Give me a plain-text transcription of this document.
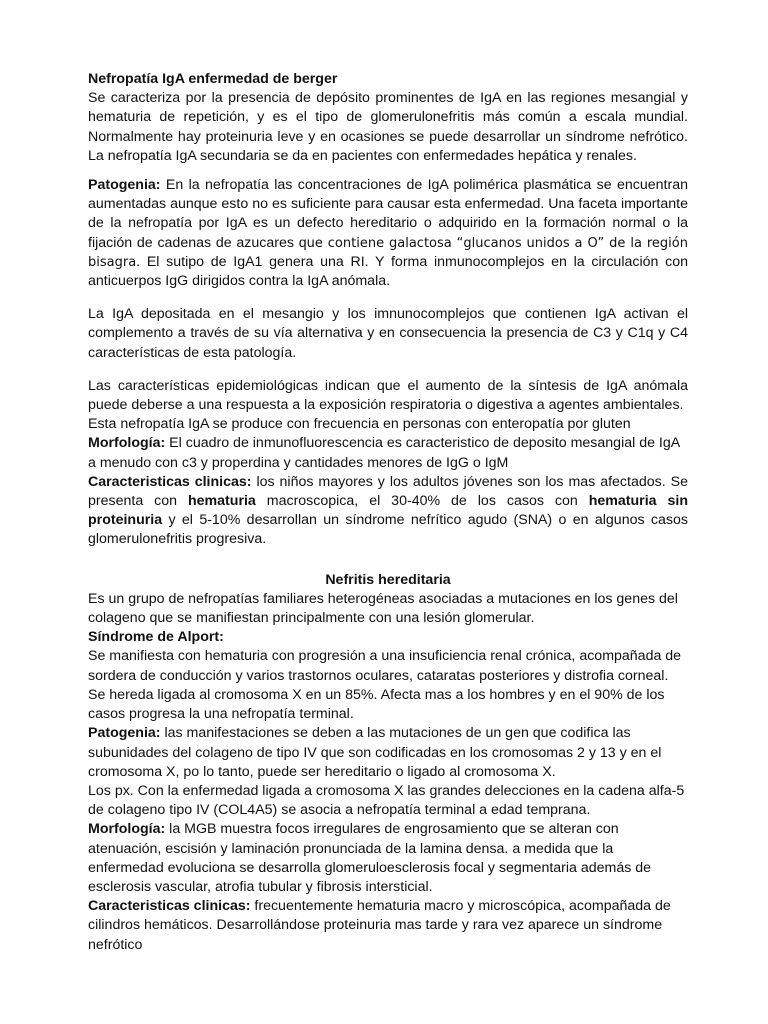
Nefropatía IgA enfermedad de berger

Se caracteriza por la presencia de depósito prominentes de IgA en las regiones mesangial y hematuria de repetición, y es el tipo de glomerulonefritis más común a escala mundial. Normalmente hay proteinuria leve y en ocasiones se puede desarrollar un síndrome nefrótico. La nefropatía IgA secundaria se da en pacientes con enfermedades hepática y renales.

Patogenia: En la nefropatía las concentraciones de IgA polimérica plasmática se encuentran aumentadas aunque esto no es suficiente para causar esta enfermedad. Una faceta importante de la nefropatía por IgA es un defecto hereditario o adquirido en la formación normal o la fijación de cadenas de azucares que contiene galactosa “glucanos unidos a O” de la región bisagra. El sutipo de IgA1 genera una RI. Y forma inmunocomplejos en la circulación con anticuerpos IgG dirigidos contra la IgA anómala.

La IgA depositada en el mesangio y los imnunocomplejos que contienen IgA activan el complemento a través de su vía alternativa y en consecuencia la presencia de C3 y C1q y C4 características de esta patología.

Las características epidemiológicas indican que el aumento de la síntesis de IgA anómala puede deberse a una respuesta a la exposición respiratoria o digestiva a agentes ambientales.

Esta nefropatía IgA se produce con frecuencia en personas con enteropatía por gluten

Morfología: El cuadro de inmunofluorescencia es caracteristico de deposito mesangial de IgA a menudo con c3 y properdina y cantidades menores de IgG o IgM

Caracteristicas clinicas: los niños mayores y los adultos jóvenes son los mas afectados. Se presenta con hematuria macroscopica, el 30-40% de los casos con hematuria sin proteinuria y el 5-10% desarrollan un síndrome nefrítico agudo (SNA) o en algunos casos glomerulonefritis progresiva.

Nefritis hereditaria

Es un grupo de nefropatías familiares heterogéneas asociadas a mutaciones en los genes del colageno que se manifiestan principalmente con una lesión glomerular.

Síndrome de Alport:

Se manifiesta con hematuria con progresión a una insuficiencia renal crónica, acompañada de sordera de conducción y varios trastornos oculares, cataratas posteriores y distrofia corneal. Se hereda ligada al cromosoma X en un 85%. Afecta mas a los hombres y en el 90% de los casos progresa la una nefropatía terminal.

Patogenia: las manifestaciones se deben a las mutaciones de un gen que codifica las subunidades del colageno de tipo IV que son codificadas en los cromosomas 2 y 13 y en el cromosoma X, po lo tanto, puede ser hereditario o ligado al cromosoma X.

Los px. Con la enfermedad ligada a cromosoma X las grandes delecciones en la cadena alfa-5 de colageno tipo IV (COL4A5) se asocia a nefropatía terminal a edad temprana.

Morfología: la MGB muestra focos irregulares de engrosamiento que se alteran con atenuación, escisión y laminación pronunciada de la lamina densa. a medida que la enfermedad evoluciona se desarrolla glomeruloesclerosis focal y segmentaria además de esclerosis vascular, atrofia tubular y fibrosis intersticial.

Caracteristicas clinicas: frecuentemente hematuria macro y microscópica, acompañada de cilindros hemáticos. Desarrollándose proteinuria mas tarde y rara vez aparece un síndrome nefrótico
